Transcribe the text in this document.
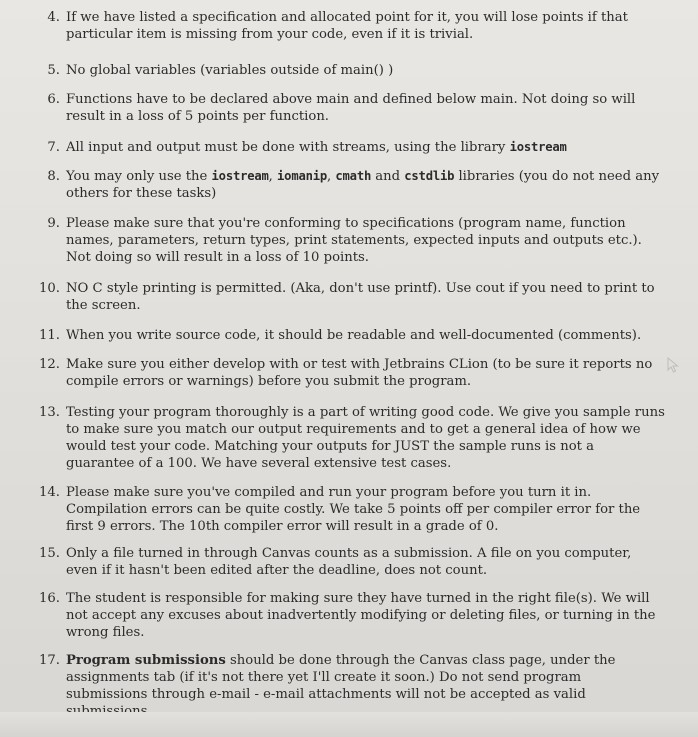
4. If we have listed a specification and allocated point for it, you will lose points if that particular item is missing from your code, even if it is trivial.
5. No global variables (variables outside of main() )
6. Functions have to be declared above main and defined below main. Not doing so will result in a loss of 5 points per function.
7. All input and output must be done with streams, using the library iostream
8. You may only use the iostream, iomanip, cmath and cstdlib libraries (you do not need any others for these tasks)
9. Please make sure that you're conforming to specifications (program name, function names, parameters, return types, print statements, expected inputs and outputs etc.). Not doing so will result in a loss of 10 points.
10. NO C style printing is permitted. (Aka, don't use printf). Use cout if you need to print to the screen.
11. When you write source code, it should be readable and well-documented (comments).
12. Make sure you either develop with or test with Jetbrains CLion (to be sure it reports no compile errors or warnings) before you submit the program.
13. Testing your program thoroughly is a part of writing good code. We give you sample runs to make sure you match our output requirements and to get a general idea of how we would test your code. Matching your outputs for JUST the sample runs is not a guarantee of a 100. We have several extensive test cases.
14. Please make sure you've compiled and run your program before you turn it in. Compilation errors can be quite costly. We take 5 points off per compiler error for the first 9 errors. The 10th compiler error will result in a grade of 0.
15. Only a file turned in through Canvas counts as a submission. A file on you computer, even if it hasn't been edited after the deadline, does not count.
16. The student is responsible for making sure they have turned in the right file(s). We will not accept any excuses about inadvertently modifying or deleting files, or turning in the wrong files.
17. Program submissions should be done through the Canvas class page, under the assignments tab (if it's not there yet I'll create it soon.) Do not send program submissions through e-mail - e-mail attachments will not be accepted as valid
